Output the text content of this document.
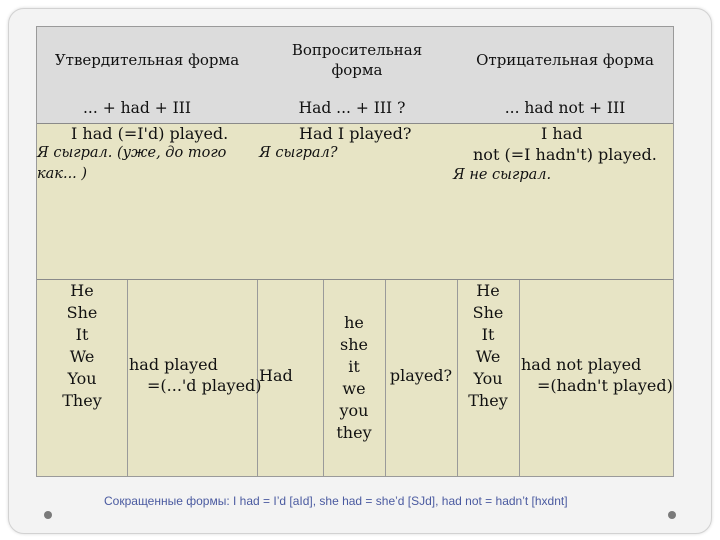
Утвердительная форма
Вопросительная
форма
Отрицательная форма
... + had + III	Had ... + III ?	... had not + III
I had (=I'd) played.
Я сыграл. (уже, до того
как... )
Had I played?
Я сыграл?
I had
not (=I hadn't) played.
Я не сыграл.
He
She
It
We
You
They
had played
=(...'d played)
Had
he
she
it
we
you
they
played?
He
She
It
We
You
They
had not played
=(hadn't played)
Сокращенные формы: I had = I’d [aId], she had = she’d [SJd], had not = hadn’t [hxdnt]
